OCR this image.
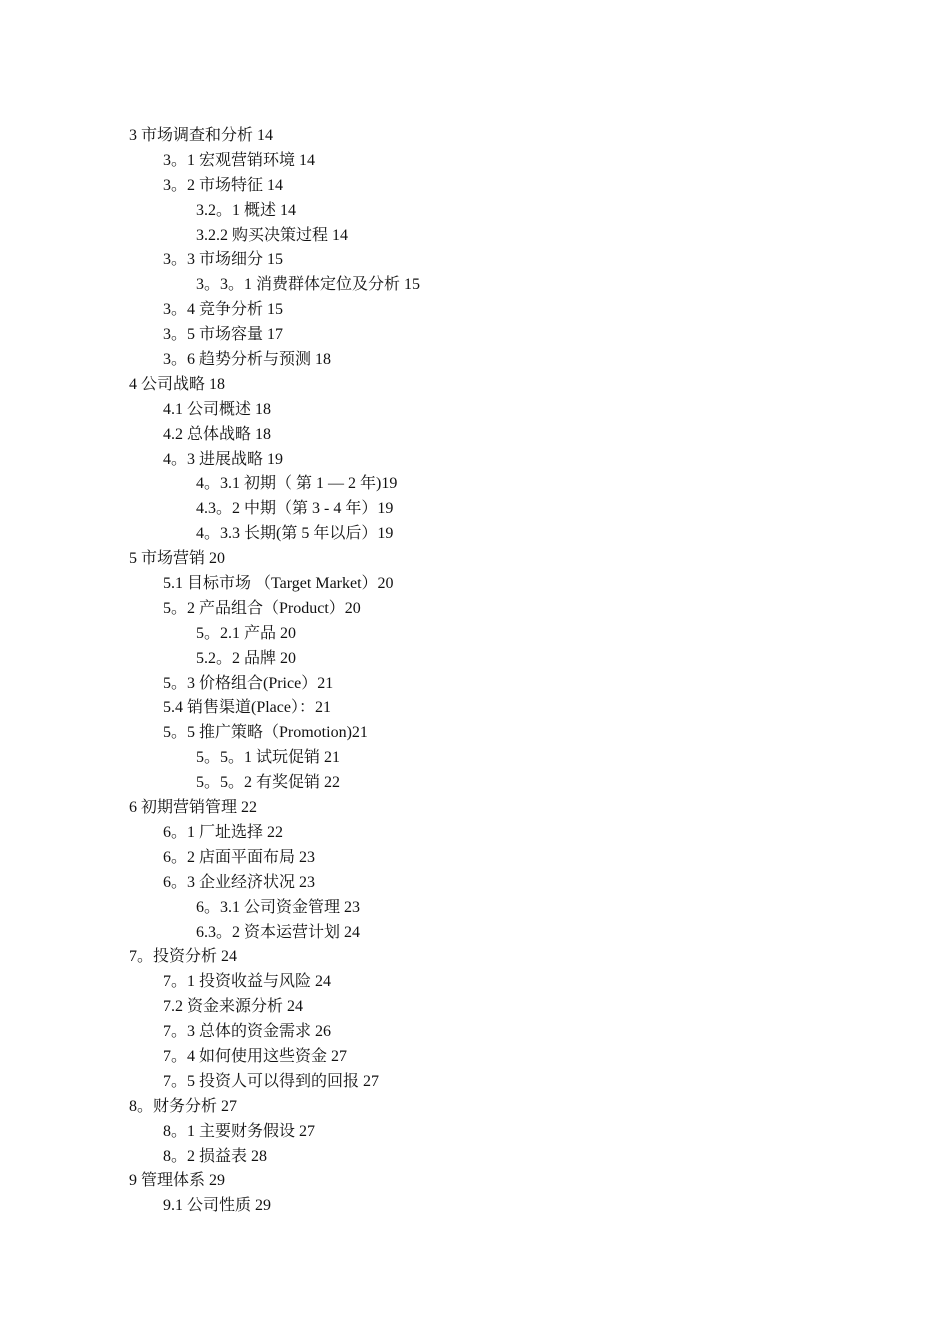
3 市场调查和分析 14
3。1 宏观营销环境 14
3。2 市场特征 14
3.2。1 概述 14
3.2.2 购买决策过程 14
3。3 市场细分 15
3。3。1 消费群体定位及分析 15
3。4 竞争分析 15
3。5 市场容量 17
3。6 趋势分析与预测 18
4 公司战略 18
4.1 公司概述 18
4.2 总体战略 18
4。3 进展战略 19
4。3.1 初期（ 第 1 — 2 年)19
4.3。2 中期（第 3 - 4 年）19
4。3.3 长期(第 5 年以后）19
5 市场营销 20
5.1 目标市场 （Target Market）20
5。2 产品组合（Product）20
5。2.1 产品 20
5.2。2 品牌 20
5。3 价格组合(Price）21
5.4 销售渠道(Place）：21
5。5 推广策略（Promotion)21
5。5。1 试玩促销 21
5。5。2 有奖促销 22
6 初期营销管理 22
6。1 厂址选择 22
6。2 店面平面布局 23
6。3 企业经济状况 23
6。3.1 公司资金管理 23
6.3。2 资本运营计划 24
7。投资分析 24
7。1 投资收益与风险 24
7.2 资金来源分析 24
7。3 总体的资金需求 26
7。4 如何使用这些资金 27
7。5 投资人可以得到的回报 27
8。财务分析 27
8。1 主要财务假设 27
8。2 损益表 28
9 管理体系 29
9.1 公司性质 29
